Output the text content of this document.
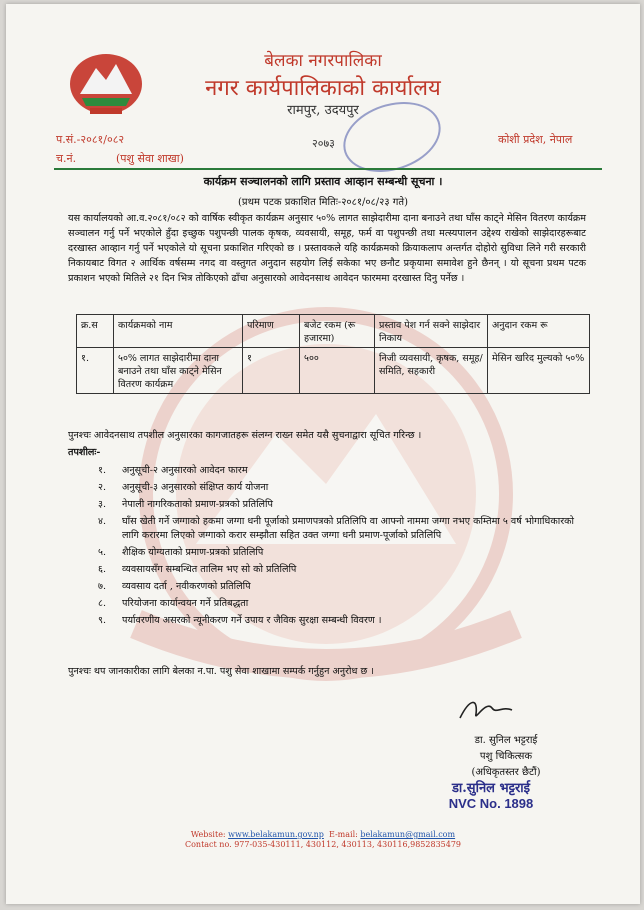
बेलका नगरपालिका
नगर कार्यपालिकाको कार्यालय
रामपुर, उदयपुर
प.सं.-२०८१/०८२
च.नं.	(पशु सेवा शाखा)
२०७३	कोशी प्रदेश, नेपाल
कार्यक्रम सञ्चालनको लागि प्रस्ताव आव्हान सम्बन्धी सूचना ।
(प्रथम पटक प्रकाशित मितिः-२०८१/०८/२३ गते)
यस कार्यालयको आ.व.२०८१/०८२ को वार्षिक स्वीकृत कार्यक्रम अनुसार ५०% लागत साझेदारीमा दाना बनाउने तथा घाँस काट्ने मेसिन वितरण कार्यक्रम सञ्चालन गर्नु पर्ने भएकोले हुँदा इच्छुक पशुपन्छी पालक कृषक, व्यवसायी, समूह, फर्म वा पशुपन्छी तथा मत्स्यपालन उद्देश्य राखेको साझेदारहरूबाट दरखास्त आव्हान गर्नु पर्ने भएकोले यो सूचना प्रकाशित गरिएको छ । प्रस्तावकले यहि कार्यक्रमको क्रियाकलाप अन्तर्गत दोहोरो सुविधा लिने गरी सरकारी निकायबाट विगत २ आर्थिक वर्षसम्म नगद वा वस्तुगत अनुदान सहयोग लिई सकेका भए छनौट प्रकृयामा समावेश हुने छैनन् । यो सूचना प्रथम पटक प्रकाशन भएको मितिले २१ दिन भित्र तोकिएको ढाँचा अनुसारको आवेदनसाथ आवेदन फारममा दरखास्त दिनु पर्नेछ ।
क्र.स	कार्यक्रमको नाम	परिमाण	बजेट रकम (रू हजारमा)	प्रस्ताव पेश गर्न सक्ने साझेदार निकाय	अनुदान रकम रू
१.	५०% लागत साझेदारीमा दाना बनाउने तथा घाँस काट्ने मेसिन वितरण कार्यक्रम	१	५००	निजी व्यवसायी, कृषक, समूह/समिति, सहकारी	मेसिन खरिद मुल्यको ५०%
पुनश्चः आवेदनसाथ तपशील अनुसारका कागजातहरू संलग्न राख्न समेत यसै सुचनाद्वारा सूचित गरिन्छ ।
तपशीलः-
१.	अनुसूची-२ अनुसारको आवेदन फारम
२.	अनुसूची-३ अनुसारको संक्षिप्त कार्य योजना
३.	नेपाली नागरिकताको प्रमाण-प्रत्रको प्रतिलिपि
४.	घाँस खेती गर्ने जग्गाको हकमा जग्गा धनी पूर्जाको प्रमाणपत्रको प्रतिलिपि वा आफ्नो नाममा जग्गा नभए कम्तिमा ५ वर्ष भोगाधिकारको लागि करारमा लिएको जग्गाको करार सम्झौता सहित उक्त जग्गा धनी प्रमाण-पूर्जाको प्रतिलिपि
५.	शैक्षिक योग्यताको प्रमाण-प्रत्रको प्रतिलिपि
६.	व्यवसायसँग सम्बन्धित तालिम भए सो को प्रतिलिपि
७.	व्यवसाय दर्ता , नवीकरणको प्रतिलिपि
८.	परियोजना कार्यान्वयन गर्ने प्रतिबद्धता
९.	पर्यावरणीय असरको न्यूनीकरण गर्ने उपाय र जैविक सुरक्षा सम्बन्धी विवरण ।
पुनश्चः थप जानकारीका लागि बेलका न.पा. पशु सेवा शाखामा सम्पर्क गर्नुहुन अनुरोध छ ।
डा. सुनिल भट्टराई
पशु चिकित्सक
(अधिकृतस्तर छैटौं)
डा.सुनिल भट्टराई
NVC No. 1898
Website: www.belakamun.gov.np E-mail: belakamun@gmail.com
Contact no. 977-035-430111, 430112, 430113, 430116,9852835479
